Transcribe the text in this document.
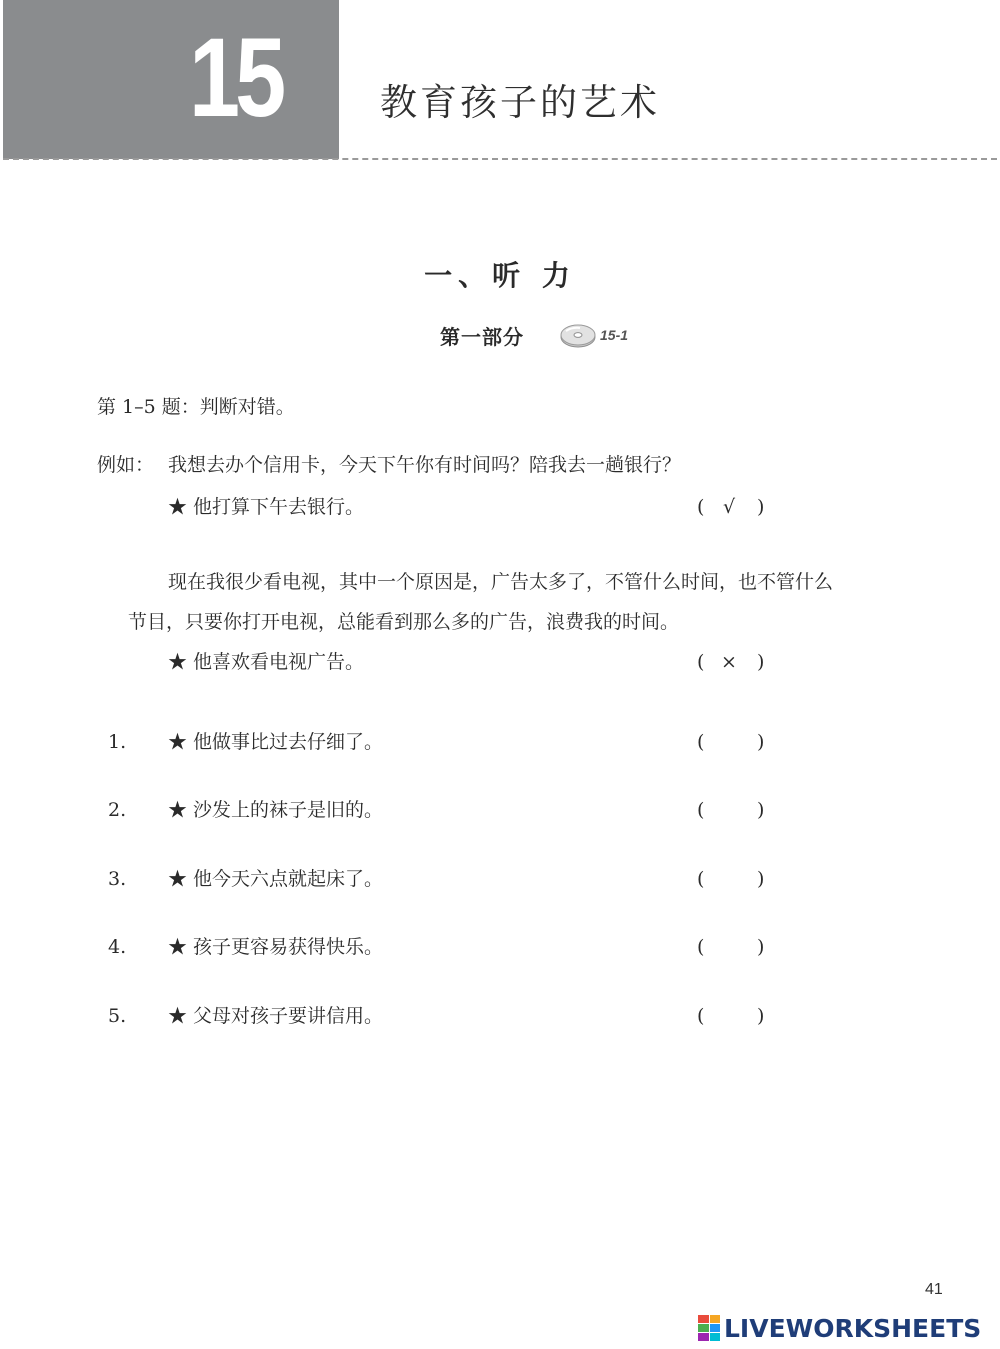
15	教育孩子的艺术
一、听 力
第一部分	15-1
第 1–5 题：判断对错。
例如： 我想去办个信用卡，今天下午你有时间吗？陪我去一趟银行？
★ 他打算下午去银行。	( √ )
现在我很少看电视，其中一个原因是，广告太多了，不管什么时间，也不管什么
节目，只要你打开电视，总能看到那么多的广告，浪费我的时间。
★ 他喜欢看电视广告。	( × )
1. ★ 他做事比过去仔细了。	(	)
2. ★ 沙发上的袜子是旧的。	(	)
3. ★ 他今天六点就起床了。	(	)
4. ★ 孩子更容易获得快乐。	(	)
5. ★ 父母对孩子要讲信用。	(	)
41
LIVEWORKSHEETS
